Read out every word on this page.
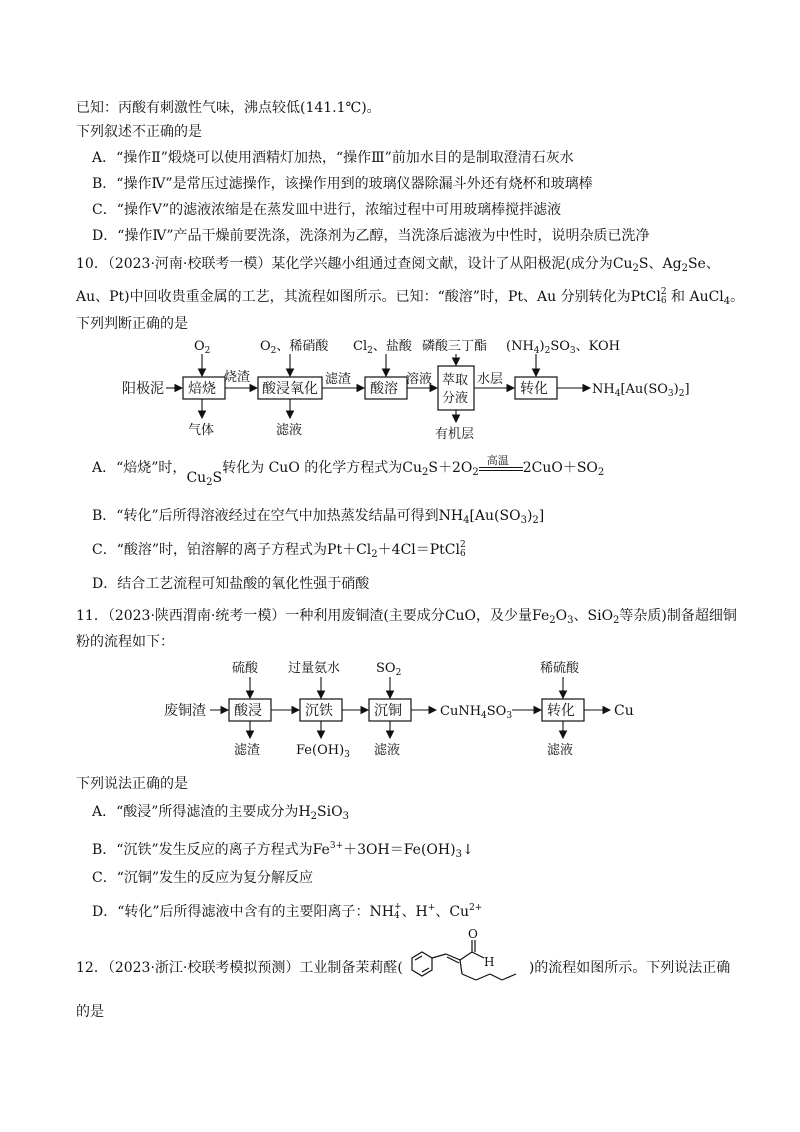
已知：丙酸有刺激性气味，沸点较低(141.1℃)。
下列叙述不正确的是
A．“操作Ⅱ”煅烧可以使用酒精灯加热，“操作Ⅲ”前加水目的是制取澄清石灰水
B．“操作Ⅳ”是常压过滤操作，该操作用到的玻璃仪器除漏斗外还有烧杯和玻璃棒
C．“操作Ⅴ”的滤液浓缩是在蒸发皿中进行，浓缩过程中可用玻璃棒搅拌滤液
D．“操作Ⅳ”产品干燥前要洗涤，洗涤剂为乙醇，当洗涤后滤液为中性时，说明杂质已洗净
10．（2023·河南·校联考一模）某化学兴趣小组通过查阅文献，设计了从阳极泥(成分为$Cu_2S$、$Ag_2Se$、
Au、Pt)中回收贵重金属的工艺，其流程如图所示。已知：“酸溶”时，Pt、Au 分别转化为PtCl2
6 和 AuCl$_4$。
下列判断正确的是
阳极泥 焙烧
烧渣
酸浸氧化
滤渣
酸溶
溶液 萃取
分液
水层
转化	$NH_4[Au(SO_3)_2]$
$O_2$	$O_2$、稀硝酸 $Cl_2$、盐酸 磷酸三丁酯 $(NH_4)_2SO_3$、KOH
气体	滤液	有机层
A．“焙烧”时，$Cu_2S$转化为 CuO 的化学方程式为$Cu_2S+2O_2$
高温 $2CuO+SO_2$
B．“转化”后所得溶液经过在空气中加热蒸发结晶可得到$NH_4[Au(SO_3)_2]$
C．“酸溶”时，铂溶解的离子方程式为$Pt+Cl_2+4Cl=PtCl2$
6
D．结合工艺流程可知盐酸的氧化性强于硝酸
11．（2023·陕西渭南·统考一模）一种利用废铜渣(主要成分CuO，及少量$Fe_2O_3$、SiO$_2$等杂质)制备超细铜
粉的流程如下：
废铜渣 酸浸	沉铁	沉铜	$CuNH_4SO_3$ 转化	Cu
硫酸 过量氨水	$SO_2$	稀硫酸
滤渣	$Fe(OH)_3$ 滤液	滤液
下列说法正确的是
A．“酸浸”所得滤渣的主要成分为$H_2SiO_3$
B．“沉铁”发生反应的离子方程式为$Fe^{3+}+3OH=Fe(OH)_3↓$
C．“沉铜”发生的反应为复分解反应
D．“转化”后所得滤液中含有的主要阳离子：NH+
4 、H+、$Cu^{2+}$
12．（2023·浙江·校联考模拟预测）工业制备茉莉醛(	)的流程如图所示。下列说法正确
O
H
的是
